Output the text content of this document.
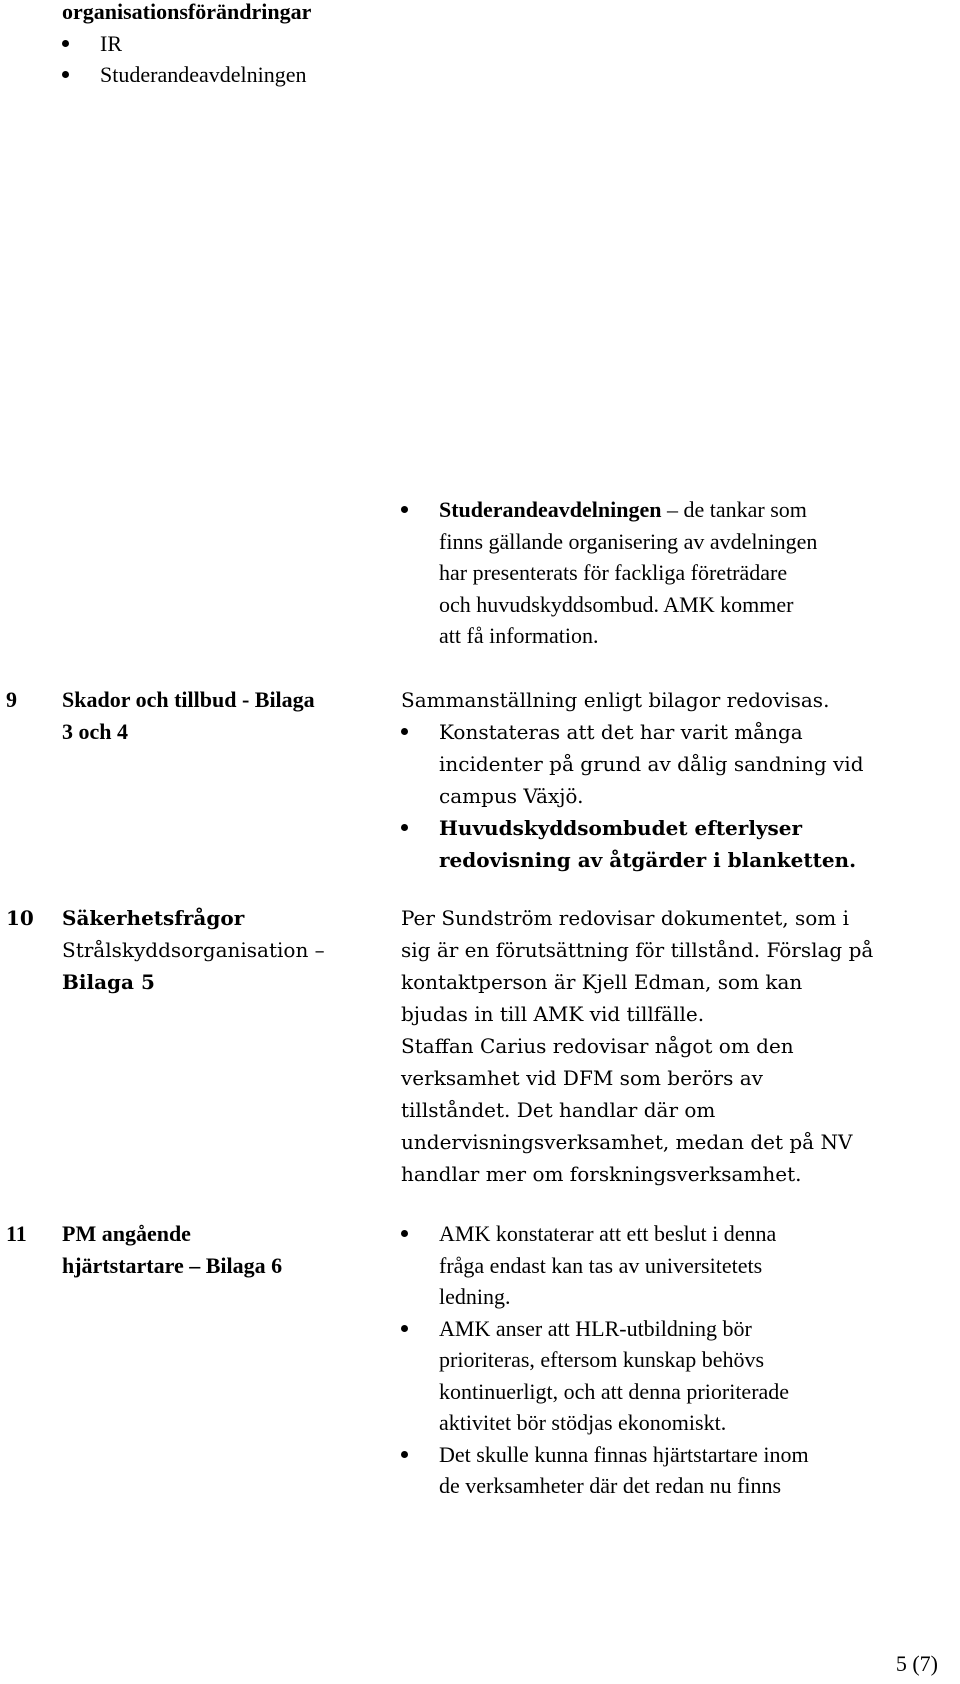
organisationsförändringar
IR
Studerandeavdelningen
Studerandeavdelningen – de tankar som
finns gällande organisering av avdelningen
har presenterats för fackliga företrädare
och huvudskyddsombud. AMK kommer
att få information.
9 Skador och tillbud - Bilaga
3 och 4
Sammanställning enligt bilagor redovisas.
Konstateras att det har varit många
incidenter på grund av dålig sandning vid
campus Växjö.
Huvudskyddsombudet efterlyser
redovisning av åtgärder i blanketten.
10 Säkerhetsfrågor
Strålskyddsorganisation –
Bilaga 5
Per Sundström redovisar dokumentet, som i
sig är en förutsättning för tillstånd. Förslag på
kontaktperson är Kjell Edman, som kan
bjudas in till AMK vid tillfälle.
Staffan Carius redovisar något om den
verksamhet vid DFM som berörs av
tillståndet. Det handlar där om
undervisningsverksamhet, medan det på NV
handlar mer om forskningsverksamhet.
11 PM angående
hjärtstartare – Bilaga 6
AMK konstaterar att ett beslut i denna
fråga endast kan tas av universitetets
ledning.
AMK anser att HLR-utbildning bör
prioriteras, eftersom kunskap behövs
kontinuerligt, och att denna prioriterade
aktivitet bör stödjas ekonomiskt.
Det skulle kunna finnas hjärtstartare inom
de verksamheter där det redan nu finns
5 (7)
